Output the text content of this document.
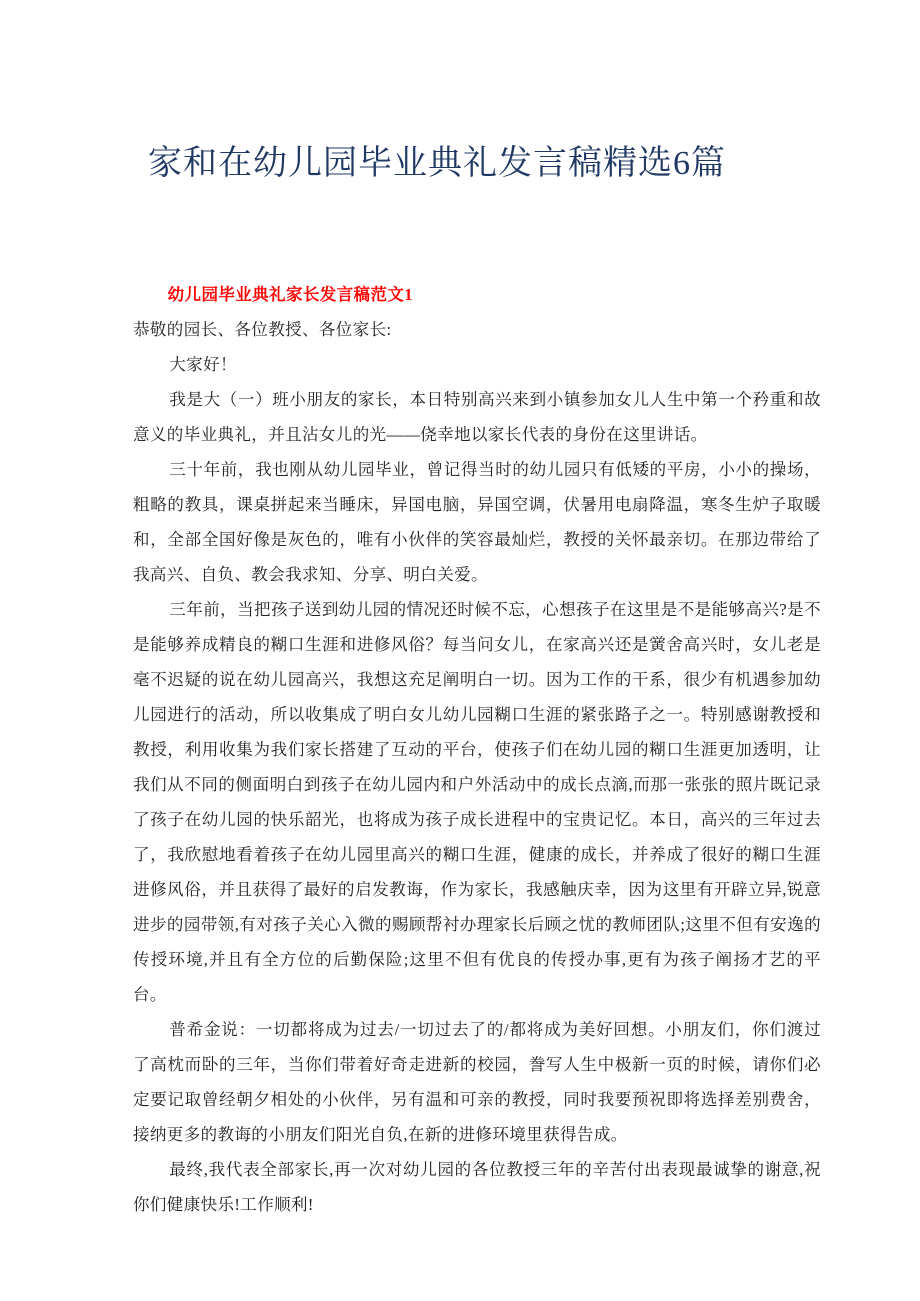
家和在幼儿园毕业典礼发言稿精选6篇

幼儿园毕业典礼家长发言稿范文1

恭敬的园长、各位教授、各位家长:

大家好！

我是大（一）班小朋友的家长，本日特别高兴来到小镇参加女儿人生中第一个矜重和故意义的毕业典礼，并且沾女儿的光——侥幸地以家长代表的身份在这里讲话。

三十年前，我也刚从幼儿园毕业，曾记得当时的幼儿园只有低矮的平房，小小的操场，粗略的教具，课桌拼起来当睡床，异国电脑，异国空调，伏暑用电扇降温，寒冬生炉子取暖和，全部全国好像是灰色的，唯有小伙伴的笑容最灿烂，教授的关怀最亲切。在那边带给了我高兴、自负、教会我求知、分享、明白关爱。

三年前，当把孩子送到幼儿园的情况还时候不忘，心想孩子在这里是不是能够高兴?是不是能够养成精良的糊口生涯和进修风俗？每当问女儿，在家高兴还是黉舍高兴时，女儿老是毫不迟疑的说在幼儿园高兴，我想这充足阐明白一切。因为工作的干系，很少有机遇参加幼儿园进行的活动，所以收集成了明白女儿幼儿园糊口生涯的紧张路子之一。特别感谢教授和教授，利用收集为我们家长搭建了互动的平台，使孩子们在幼儿园的糊口生涯更加透明，让我们从不同的侧面明白到孩子在幼儿园内和户外活动中的成长点滴,而那一张张的照片既记录了孩子在幼儿园的快乐韶光，也将成为孩子成长进程中的宝贵记忆。本日，高兴的三年过去了，我欣慰地看着孩子在幼儿园里高兴的糊口生涯，健康的成长，并养成了很好的糊口生涯进修风俗，并且获得了最好的启发教诲，作为家长，我感触庆幸，因为这里有开辟立异,锐意进步的园带领,有对孩子关心入微的赐顾帮衬办理家长后顾之忧的教师团队;这里不但有安逸的传授环境,并且有全方位的后勤保险;这里不但有优良的传授办事,更有为孩子阐扬才艺的平台。

普希金说：一切都将成为过去/一切过去了的/都将成为美好回想。小朋友们，你们渡过了高枕而卧的三年，当你们带着好奇走进新的校园，誊写人生中极新一页的时候，请你们必定要记取曾经朝夕相处的小伙伴，另有温和可亲的教授，同时我要预祝即将选择差别费舍，接纳更多的教诲的小朋友们阳光自负,在新的进修环境里获得告成。

最终,我代表全部家长,再一次对幼儿园的各位教授三年的辛苦付出表现最诚挚的谢意,祝你们健康快乐!工作顺利!
